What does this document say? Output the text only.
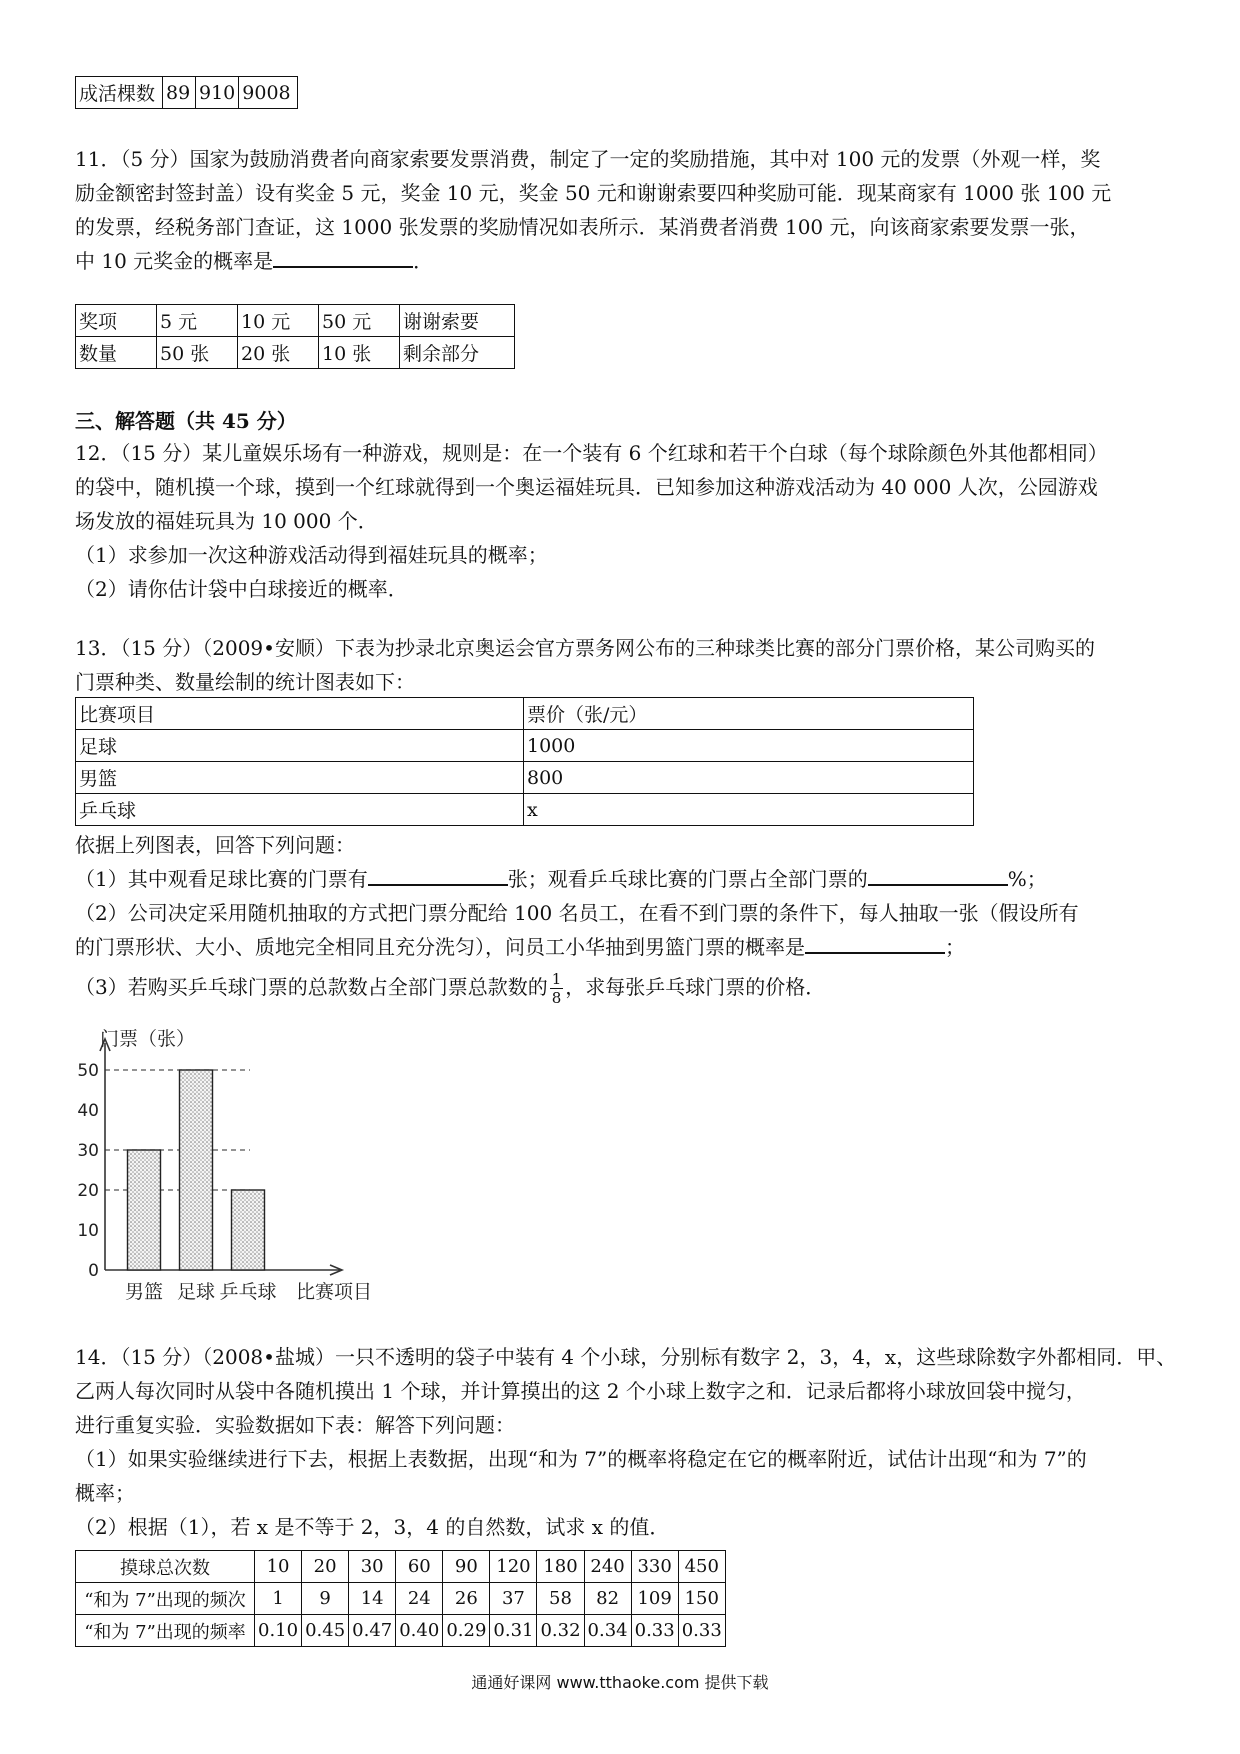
成活棵数	89	910	9008
11．（5 分）国家为鼓励消费者向商家索要发票消费，制定了一定的奖励措施，其中对 100 元的发票（外观一样，奖
励金额密封签封盖）设有奖金 5 元，奖金 10 元，奖金 50 元和谢谢索要四种奖励可能．现某商家有 1000 张 100 元
的发票，经税务部门查证，这 1000 张发票的奖励情况如表所示．某消费者消费 100 元，向该商家索要发票一张，
中 10 元奖金的概率是	．
奖项	5 元	10 元	50 元	谢谢索要
数量	50 张	20 张	10 张	剩余部分
三、解答题（共 45 分）
12．（15 分）某儿童娱乐场有一种游戏，规则是：在一个装有 6 个红球和若干个白球（每个球除颜色外其他都相同）
的袋中，随机摸一个球，摸到一个红球就得到一个奥运福娃玩具．已知参加这种游戏活动为 40 000 人次，公园游戏
场发放的福娃玩具为 10 000 个．
（1）求参加一次这种游戏活动得到福娃玩具的概率；
（2）请你估计袋中白球接近的概率．
13．（15 分）（2009•安顺）下表为抄录北京奥运会官方票务网公布的三种球类比赛的部分门票价格，某公司购买的
门票种类、数量绘制的统计图表如下：
比赛项目	票价（张/元）
足球	1000
男篮	800
乒乓球	x
依据上列图表，回答下列问题：
（1）其中观看足球比赛的门票有	张；观看乒乓球比赛的门票占全部门票的	%；
（2）公司决定采用随机抽取的方式把门票分配给 100 名员工，在看不到门票的条件下，每人抽取一张（假设所有
的门票形状、大小、质地完全相同且充分洗匀），问员工小华抽到男篮门票的概率是	；
（3）若购买乒乓球门票的总款数占全部门票总款数的 $\frac{1}{8}$ ，求每张乒乓球门票的价格．
0
10
20
30
40
50
门票（张）
男篮 足球 乒乓球 比赛项目
14．（15 分）（2008•盐城）一只不透明的袋子中装有 4 个小球，分别标有数字 2，3，4，x，这些球除数字外都相同．甲、
乙两人每次同时从袋中各随机摸出 1 个球，并计算摸出的这 2 个小球上数字之和．记录后都将小球放回袋中搅匀，
进行重复实验．实验数据如下表：解答下列问题：
（1）如果实验继续进行下去，根据上表数据，出现“和为 7”的概率将稳定在它的概率附近，试估计出现“和为 7”的
概率；
（2）根据（1），若 x 是不等于 2，3，4 的自然数，试求 x 的值．
摸球总次数	10	20	30	60	90	120	180	240	330	450
“和为 7”出现的频次	1	9	14	24	26	37	58	82	109	150
“和为 7”出现的频率	0.10	0.45	0.47	0.40	0.29	0.31	0.32	0.34	0.33	0.33
通通好课网 www.tthaoke.com 提供下载
